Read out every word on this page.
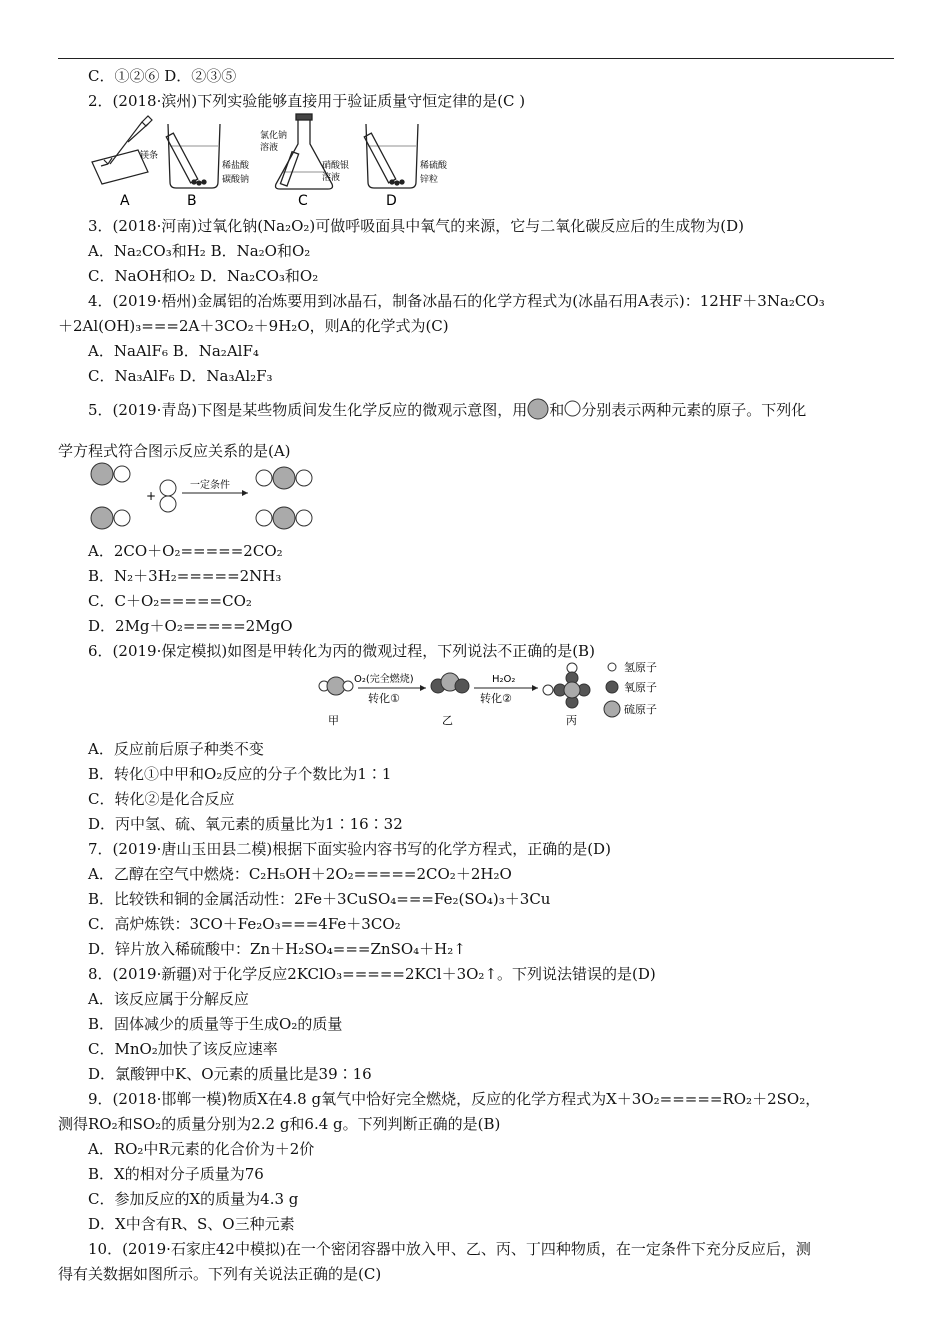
C．①②⑥ D．②③⑤
2．(2018·滨州)下列实验能够直接用于验证质量守恒定律的是(C )
镁条
A
稀盐酸
碳酸钠
B
氯化钠
溶液
硝酸银
溶液
C
稀硫酸
锌粒
D
3．(2018·河南)过氧化钠(Na₂O₂)可做呼吸面具中氧气的来源，它与二氧化碳反应后的生成物为(D)
A．Na₂CO₃和H₂ B．Na₂O和O₂
C．NaOH和O₂ D．Na₂CO₃和O₂
4．(2019·梧州)金属铝的冶炼要用到冰晶石，制备冰晶石的化学方程式为(冰晶石用A表示)：12HF＋3Na₂CO₃
＋2Al(OH)₃===2A＋3CO₂＋9H₂O，则A的化学式为(C)
A．NaAlF₆ B．Na₂AlF₄
C．Na₃AlF₆ D．Na₃Al₂F₃
5．(2019·青岛)下图是某些物质间发生化学反应的微观示意图，用 和 分别表示两种元素的原子。下列化
学方程式符合图示反应关系的是(A)
+
一定条件
A．2CO＋O₂=====2CO₂
B．N₂＋3H₂=====2NH₃
C．C＋O₂=====CO₂
D．2Mg＋O₂=====2MgO
6．(2019·保定模拟)如图是甲转化为丙的微观过程，下列说法不正确的是(B)
O₂(完全燃烧)
转化①
H₂O₂
转化②
甲	乙	丙
氢原子
氧原子
硫原子
A．反应前后原子种类不变
B．转化①中甲和O₂反应的分子个数比为1∶1
C．转化②是化合反应
D．丙中氢、硫、氧元素的质量比为1∶16∶32
7．(2019·唐山玉田县二模)根据下面实验内容书写的化学方程式，正确的是(D)
A．乙醇在空气中燃烧：C₂H₅OH＋2O₂=====2CO₂＋2H₂O
B．比较铁和铜的金属活动性：2Fe＋3CuSO₄===Fe₂(SO₄)₃＋3Cu
C．高炉炼铁：3CO＋Fe₂O₃===4Fe＋3CO₂
D．锌片放入稀硫酸中：Zn＋H₂SO₄===ZnSO₄＋H₂↑
8．(2019·新疆)对于化学反应2KClO₃=====2KCl＋3O₂↑。下列说法错误的是(D)
A．该反应属于分解反应
B．固体减少的质量等于生成O₂的质量
C．MnO₂加快了该反应速率
D．氯酸钾中K、O元素的质量比是39∶16
9．(2018·邯郸一模)物质X在4.8 g氧气中恰好完全燃烧，反应的化学方程式为X＋3O₂=====RO₂＋2SO₂，
测得RO₂和SO₂的质量分别为2.2 g和6.4 g。下列判断正确的是(B)
A．RO₂中R元素的化合价为＋2价
B．X的相对分子质量为76
C．参加反应的X的质量为4.3 g
D．X中含有R、S、O三种元素
10．(2019·石家庄42中模拟)在一个密闭容器中放入甲、乙、丙、丁四种物质，在一定条件下充分反应后，测
得有关数据如图所示。下列有关说法正确的是(C)
